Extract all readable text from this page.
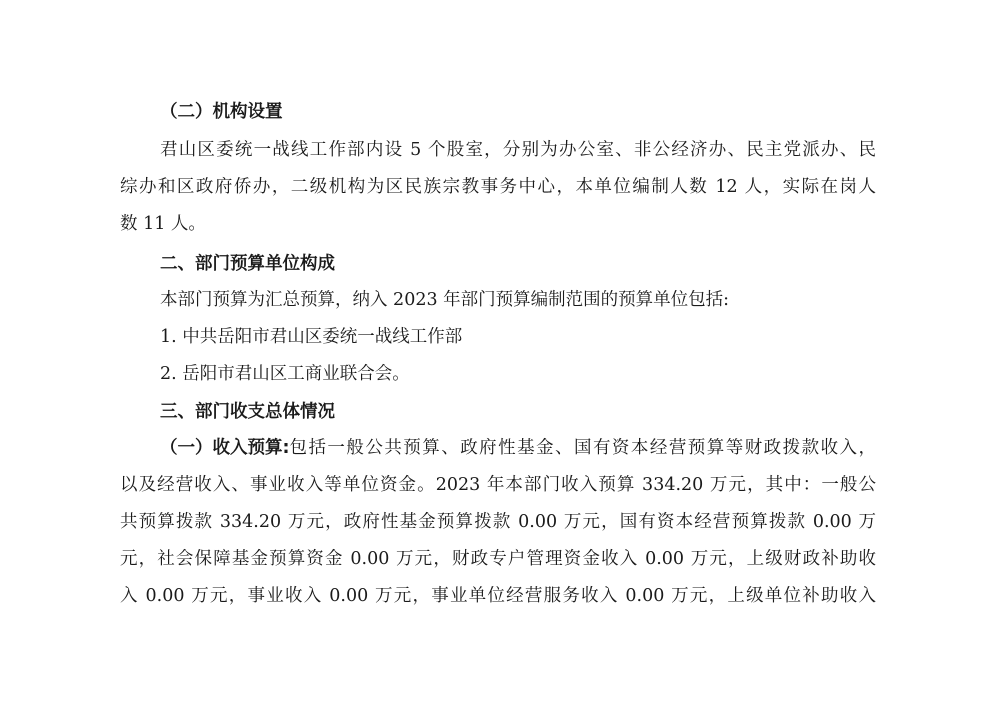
（二）机构设置
君山区委统一战线工作部内设 5 个股室，分别为办公室、非公经济办、民主党派办、民
综办和区政府侨办，二级机构为区民族宗教事务中心，本单位编制人数 12 人，实际在岗人
数 11 人。
二、部门预算单位构成
本部门预算为汇总预算，纳入 2023 年部门预算编制范围的预算单位包括:
1. 中共岳阳市君山区委统一战线工作部
2. 岳阳市君山区工商业联合会。
三、部门收支总体情况
（一）收入预算: 包括一般公共预算、政府性基金、国有资本经营预算等财政拨款收入，
以及经营收入、事业收入等单位资金。2023 年本部门收入预算 334.20 万元，其中：一般公
共预算拨款 334.20 万元，政府性基金预算拨款 0.00 万元，国有资本经营预算拨款 0.00 万
元，社会保障基金预算资金 0.00 万元，财政专户管理资金收入 0.00 万元，上级财政补助收
入 0.00 万元，事业收入 0.00 万元，事业单位经营服务收入 0.00 万元，上级单位补助收入
